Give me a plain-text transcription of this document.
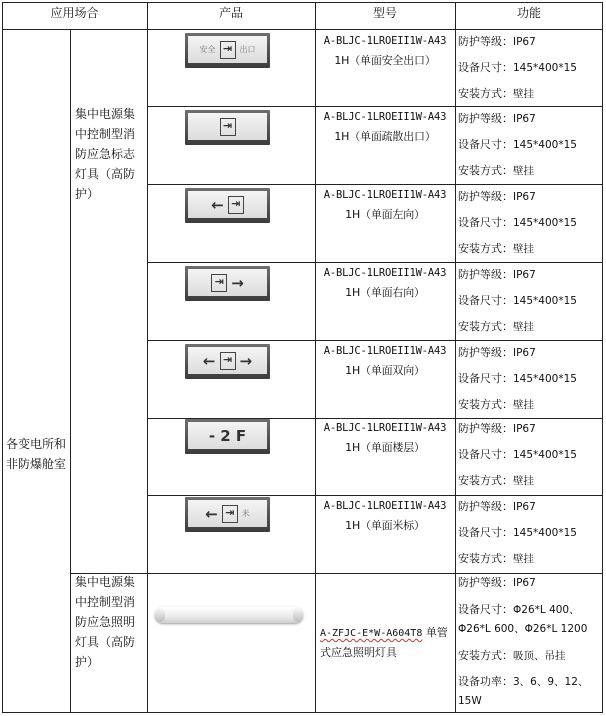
应用场合	产品	型号	功能
各变电所和非防爆舱室
集中电源集中控制型消防应急标志灯具（高防护）
集中电源集中控制型消防应急照明灯具（高防护）
安全 ⇥ 出口
A-BLJC-1LROEII1W-A43
1H（单面安全出口）
防护等级：IP67
设备尺寸：145*400*15
安装方式：壁挂
⇥
A-BLJC-1LROEII1W-A43
1H（单面疏散出口）
防护等级：IP67
设备尺寸：145*400*15
安装方式：壁挂
← ⇥
A-BLJC-1LROEII1W-A43
1H（单面左向）
防护等级：IP67
设备尺寸：145*400*15
安装方式：壁挂
⇥ →
A-BLJC-1LROEII1W-A43
1H（单面右向）
防护等级：IP67
设备尺寸：145*400*15
安装方式：壁挂
← ⇥ →
A-BLJC-1LROEII1W-A43
1H（单面双向）
防护等级：IP67
设备尺寸：145*400*15
安装方式：壁挂
- 2 F	A-BLJC-1LROEII1W-A43
1H（单面楼层）
防护等级：IP67
设备尺寸：145*400*15
安装方式：壁挂
← ⇥ 米
A-BLJC-1LROEII1W-A43
1H（单面米标）
防护等级：IP67
设备尺寸：145*400*15
安装方式：壁挂
A-ZFJC-E*W-A604T8 单管式应急照明灯具
防护等级：IP67
设备尺寸：Φ26*L 400、Φ26*L 600、Φ26*L 1200
安装方式：吸顶、吊挂
设备功率：3、6、9、12、15W
